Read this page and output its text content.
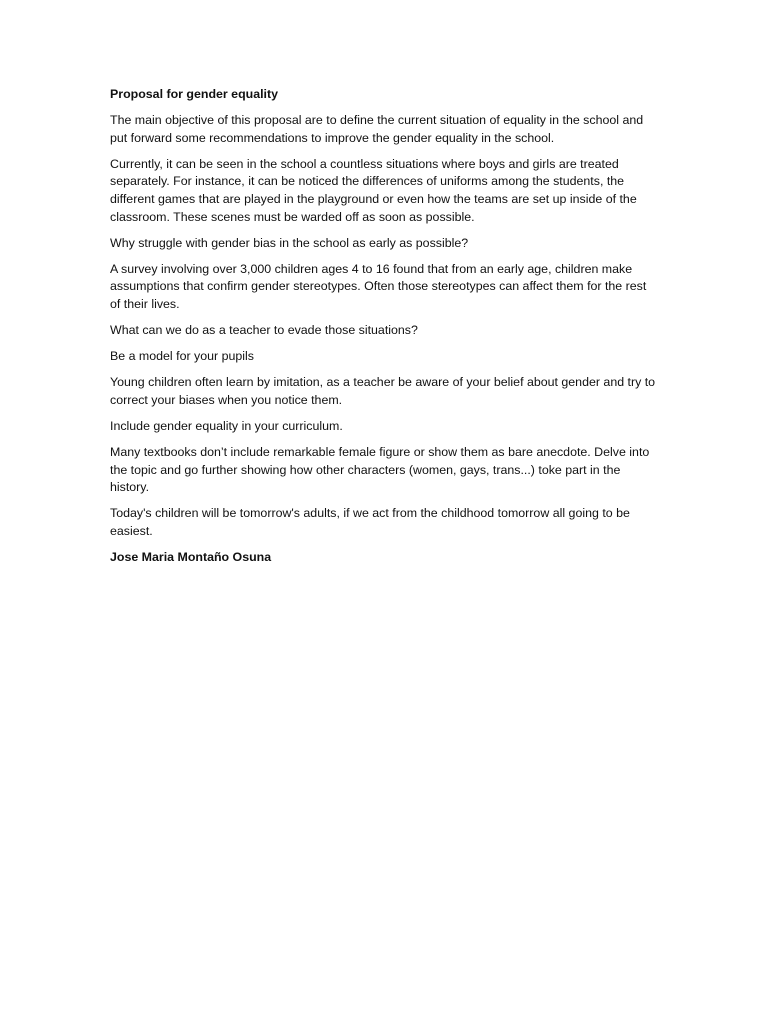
Proposal for gender equality

The main objective of this proposal are to define the current situation of equality in the school and put forward some recommendations to improve the gender equality in the school.

Currently, it can be seen in the school a countless situations where boys and girls are treated separately. For instance, it can be noticed the differences of uniforms among the students, the different games that are played in the playground or even how the teams are set up inside of the classroom. These scenes must be warded off as soon as possible.

Why struggle with gender bias in the school as early as possible?

A survey involving over 3,000 children ages 4 to 16 found that from an early age, children make assumptions that confirm gender stereotypes. Often those stereotypes can affect them for the rest of their lives.

What can we do as a teacher to evade those situations?

Be a model for your pupils

Young children often learn by imitation, as a teacher be aware of your belief about gender and try to correct your biases when you notice them.

Include gender equality in your curriculum.

Many textbooks don’t include remarkable female figure or show them as bare anecdote. Delve into the topic and go further showing how other characters (women, gays, trans...) toke part in the history.

Today's children will be tomorrow's adults, if we act from the childhood tomorrow all going to be easiest.

Jose Maria Montaño Osuna
